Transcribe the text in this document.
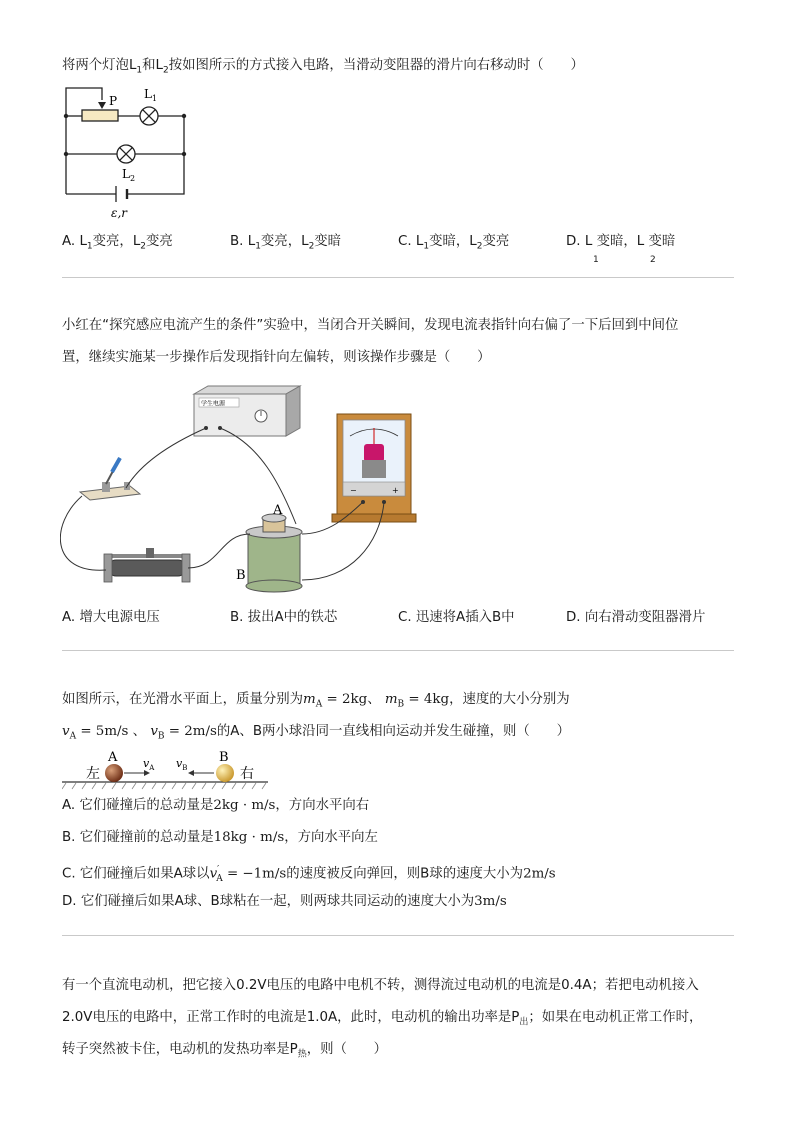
将两个灯泡$L_1$和$L_2$按如图所示的方式接入电路，当滑动变阻器的滑片向右移动时（　　）
P $L_1$
$L_2$
ε,r
A. $L_1$变亮，$L_2$变亮	B. $L_1$变亮，$L_2$变暗	C. $L_1$变暗，$L_2$变亮	D. L 变暗，L 变暗
1	2
小红在“探究感应电流产生的条件”实验中，当闭合开关瞬间，发现电流表指针向右偏了一下后回到中间位
置，继续实施某一步操作后发现指针向左偏转，则该操作步骤是（　　）
学生电源
−	+
A
B
A. 增大电源电压	B. 拔出A中的铁芯	C. 迅速将A插入B中	D. 向右滑动变阻器滑片
如图所示，在光滑水平面上，质量分别为$m_A = 2kg$、 $m_B = 4kg$，速度的大小分别为
$v_A = 5m/s$ 、 $v_B = 2m/s$的A、B两小球沿同一直线相向运动并发生碰撞，则（　　）
左
A	B
$v_A$ $v_B$	右
A. 它们碰撞后的总动量是2kg · m/s，方向水平向右
B. 它们碰撞前的总动量是18kg · m/s，方向水平向左
C. 它们碰撞后如果A球以$v'_A = -1m/s$的速度被反向弹回，则B球的速度大小为2m/s
D. 它们碰撞后如果A球、B球粘在一起，则两球共同运动的速度大小为3m/s
有一个直流电动机，把它接入0.2V电压的电路中电机不转，测得流过电动机的电流是0.4A；若把电动机接入
2.0V电压的电路中，正常工作时的电流是1.0A，此时，电动机的输出功率是$P_出$；如果在电动机正常工作时，
转子突然被卡住，电动机的发热功率是$P_热$，则（　　）
